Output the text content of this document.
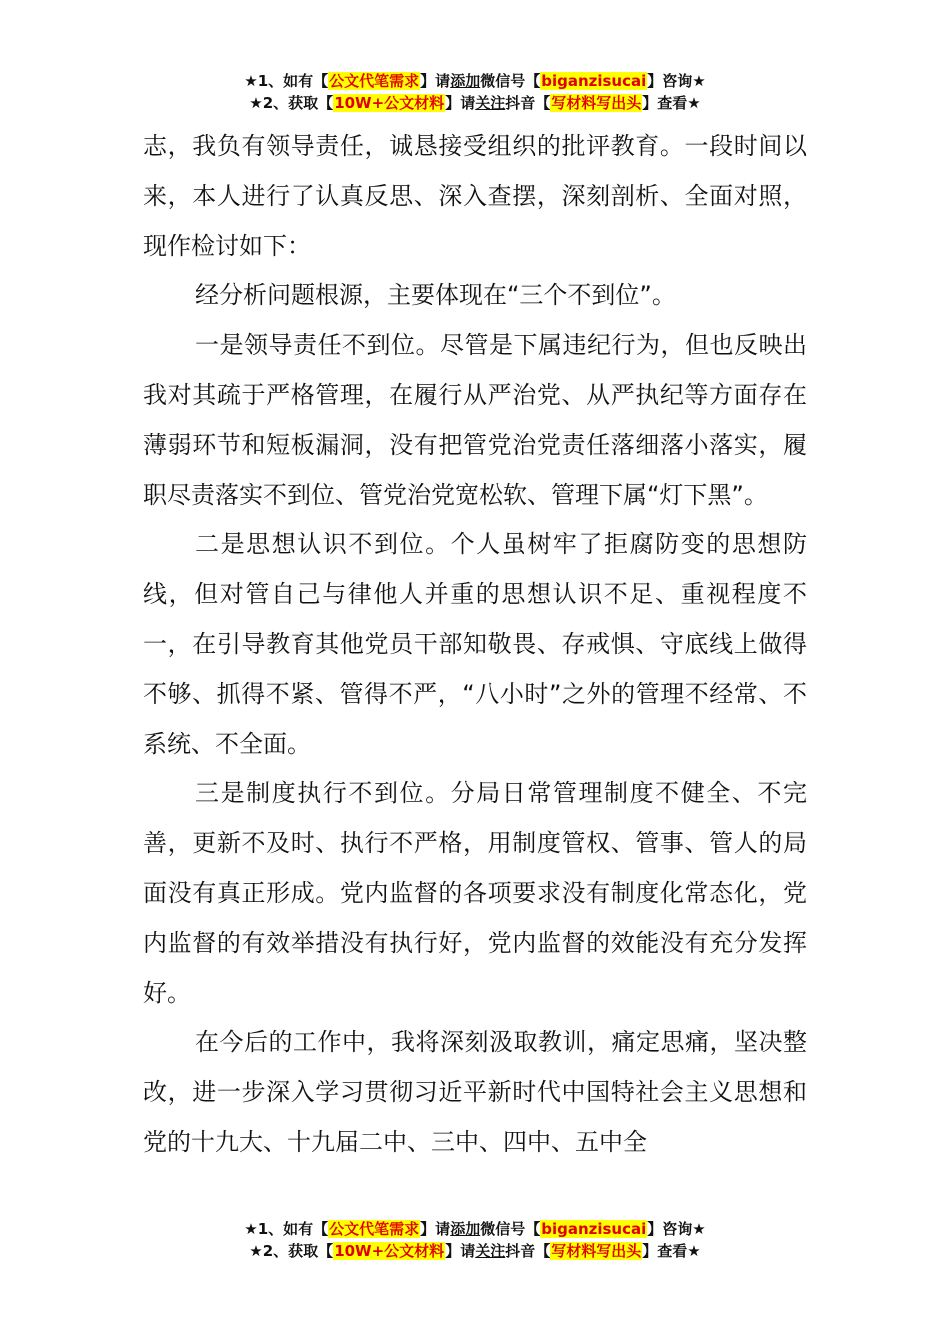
★1、如有【公文代笔需求】请添加微信号【biganzisucai】咨询★
★2、获取【10W+公文材料】请关注抖音【写材料写出头】查看★

志，我负有领导责任，诚恳接受组织的批评教育。一段时间以来，本人进行了认真反思、深入查摆，深刻剖析、全面对照，现作检讨如下：

经分析问题根源，主要体现在“三个不到位”。

一是领导责任不到位。尽管是下属违纪行为，但也反映出我对其疏于严格管理，在履行从严治党、从严执纪等方面存在薄弱环节和短板漏洞，没有把管党治党责任落细落小落实，履职尽责落实不到位、管党治党宽松软、管理下属“灯下黑”。

二是思想认识不到位。个人虽树牢了拒腐防变的思想防线，但对管自己与律他人并重的思想认识不足、重视程度不一，在引导教育其他党员干部知敬畏、存戒惧、守底线上做得不够、抓得不紧、管得不严，“八小时”之外的管理不经常、不系统、不全面。

三是制度执行不到位。分局日常管理制度不健全、不完善，更新不及时、执行不严格，用制度管权、管事、管人的局面没有真正形成。党内监督的各项要求没有制度化常态化，党内监督的有效举措没有执行好，党内监督的效能没有充分发挥好。

在今后的工作中，我将深刻汲取教训，痛定思痛，坚决整改，进一步深入学习贯彻习近平新时代中国特社会主义思想和党的十九大、十九届二中、三中、四中、五中全

★1、如有【公文代笔需求】请添加微信号【biganzisucai】咨询★
★2、获取【10W+公文材料】请关注抖音【写材料写出头】查看★
